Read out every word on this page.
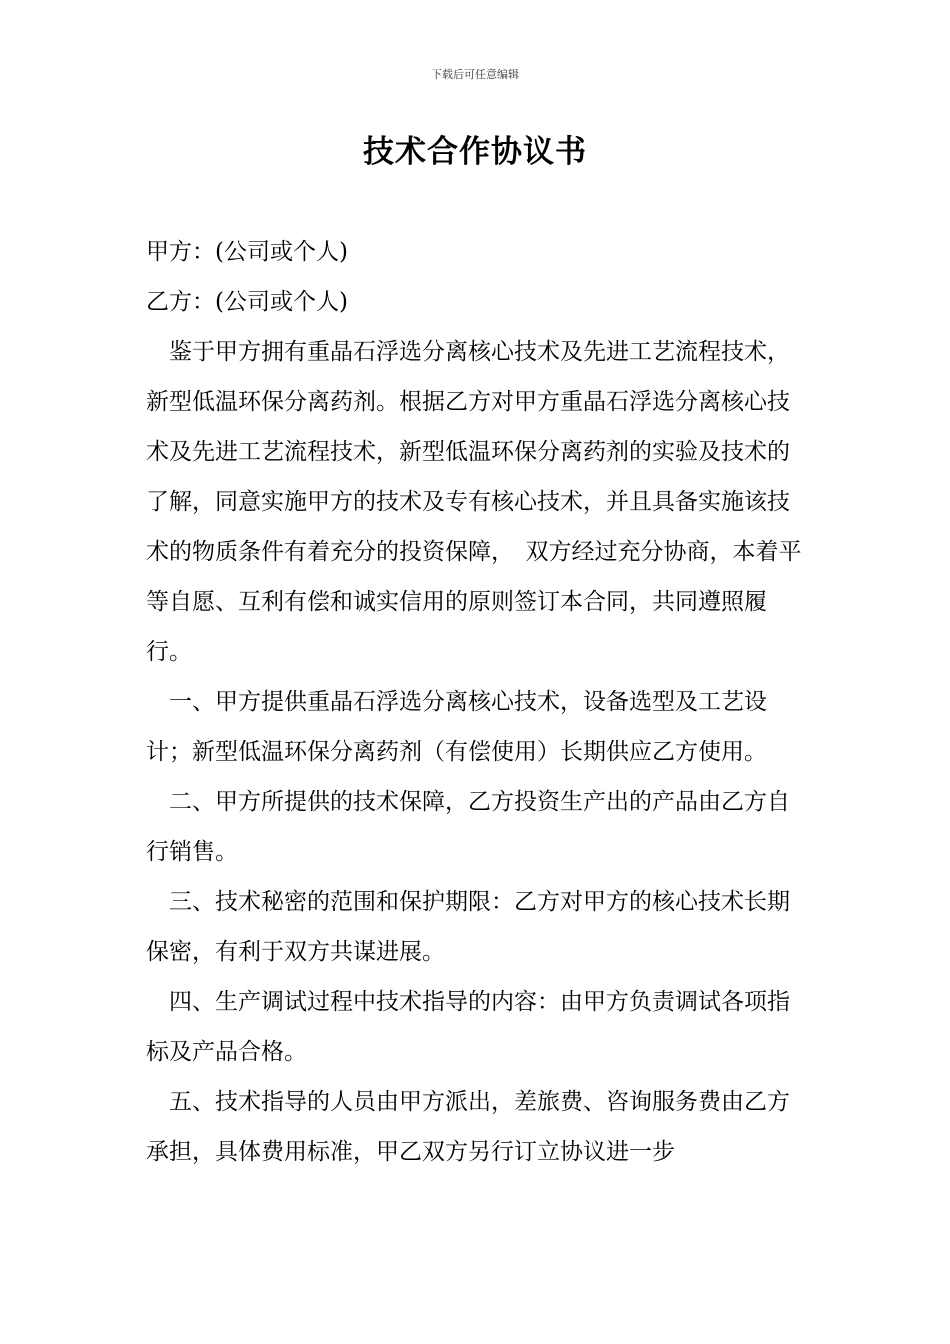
下载后可任意编辑
技术合作协议书

甲方：(公司或个人)

乙方：(公司或个人)

鉴于甲方拥有重晶石浮选分离核心技术及先进工艺流程技术，新型低温环保分离药剂。根据乙方对甲方重晶石浮选分离核心技术及先进工艺流程技术，新型低温环保分离药剂的实验及技术的了解，同意实施甲方的技术及专有核心技术，并且具备实施该技术的物质条件有着充分的投资保障，　双方经过充分协商，本着平等自愿、互利有偿和诚实信用的原则签订本合同，共同遵照履行。

一、甲方提供重晶石浮选分离核心技术，设备选型及工艺设计；新型低温环保分离药剂（有偿使用）长期供应乙方使用。

二、甲方所提供的技术保障，乙方投资生产出的产品由乙方自行销售。

三、技术秘密的范围和保护期限：乙方对甲方的核心技术长期保密，有利于双方共谋进展。

四、生产调试过程中技术指导的内容：由甲方负责调试各项指标及产品合格。

五、技术指导的人员由甲方派出，差旅费、咨询服务费由乙方承担，具体费用标准，甲乙双方另行订立协议进一步
